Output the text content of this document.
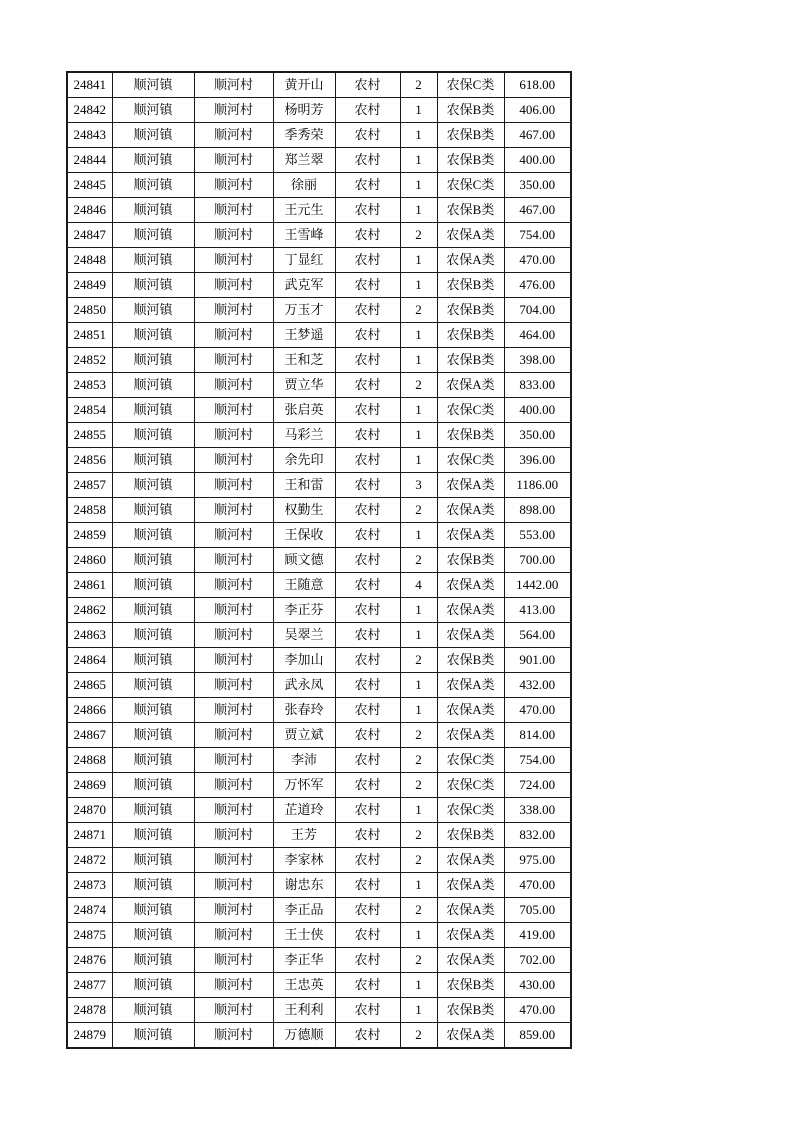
24841	顺河镇	顺河村	黄开山	农村	2	农保C类	618.00
24842	顺河镇	顺河村	杨明芳	农村	1	农保B类	406.00
24843	顺河镇	顺河村	季秀荣	农村	1	农保B类	467.00
24844	顺河镇	顺河村	郑兰翠	农村	1	农保B类	400.00
24845	顺河镇	顺河村	徐丽	农村	1	农保C类	350.00
24846	顺河镇	顺河村	王元生	农村	1	农保B类	467.00
24847	顺河镇	顺河村	王雪峰	农村	2	农保A类	754.00
24848	顺河镇	顺河村	丁显红	农村	1	农保A类	470.00
24849	顺河镇	顺河村	武克军	农村	1	农保B类	476.00
24850	顺河镇	顺河村	万玉才	农村	2	农保B类	704.00
24851	顺河镇	顺河村	王梦遥	农村	1	农保B类	464.00
24852	顺河镇	顺河村	王和芝	农村	1	农保B类	398.00
24853	顺河镇	顺河村	贾立华	农村	2	农保A类	833.00
24854	顺河镇	顺河村	张启英	农村	1	农保C类	400.00
24855	顺河镇	顺河村	马彩兰	农村	1	农保B类	350.00
24856	顺河镇	顺河村	余先印	农村	1	农保C类	396.00
24857	顺河镇	顺河村	王和雷	农村	3	农保A类	1186.00
24858	顺河镇	顺河村	权勤生	农村	2	农保A类	898.00
24859	顺河镇	顺河村	王保收	农村	1	农保A类	553.00
24860	顺河镇	顺河村	顾文德	农村	2	农保B类	700.00
24861	顺河镇	顺河村	王随意	农村	4	农保A类	1442.00
24862	顺河镇	顺河村	李正芬	农村	1	农保A类	413.00
24863	顺河镇	顺河村	吴翠兰	农村	1	农保A类	564.00
24864	顺河镇	顺河村	李加山	农村	2	农保B类	901.00
24865	顺河镇	顺河村	武永凤	农村	1	农保A类	432.00
24866	顺河镇	顺河村	张春玲	农村	1	农保A类	470.00
24867	顺河镇	顺河村	贾立斌	农村	2	农保A类	814.00
24868	顺河镇	顺河村	李沛	农村	2	农保C类	754.00
24869	顺河镇	顺河村	万怀军	农村	2	农保C类	724.00
24870	顺河镇	顺河村	芷道玲	农村	1	农保C类	338.00
24871	顺河镇	顺河村	王芳	农村	2	农保B类	832.00
24872	顺河镇	顺河村	李家林	农村	2	农保A类	975.00
24873	顺河镇	顺河村	谢忠东	农村	1	农保A类	470.00
24874	顺河镇	顺河村	李正品	农村	2	农保A类	705.00
24875	顺河镇	顺河村	王士侠	农村	1	农保A类	419.00
24876	顺河镇	顺河村	李正华	农村	2	农保A类	702.00
24877	顺河镇	顺河村	王忠英	农村	1	农保B类	430.00
24878	顺河镇	顺河村	王利利	农村	1	农保B类	470.00
24879	顺河镇	顺河村	万德顺	农村	2	农保A类	859.00
